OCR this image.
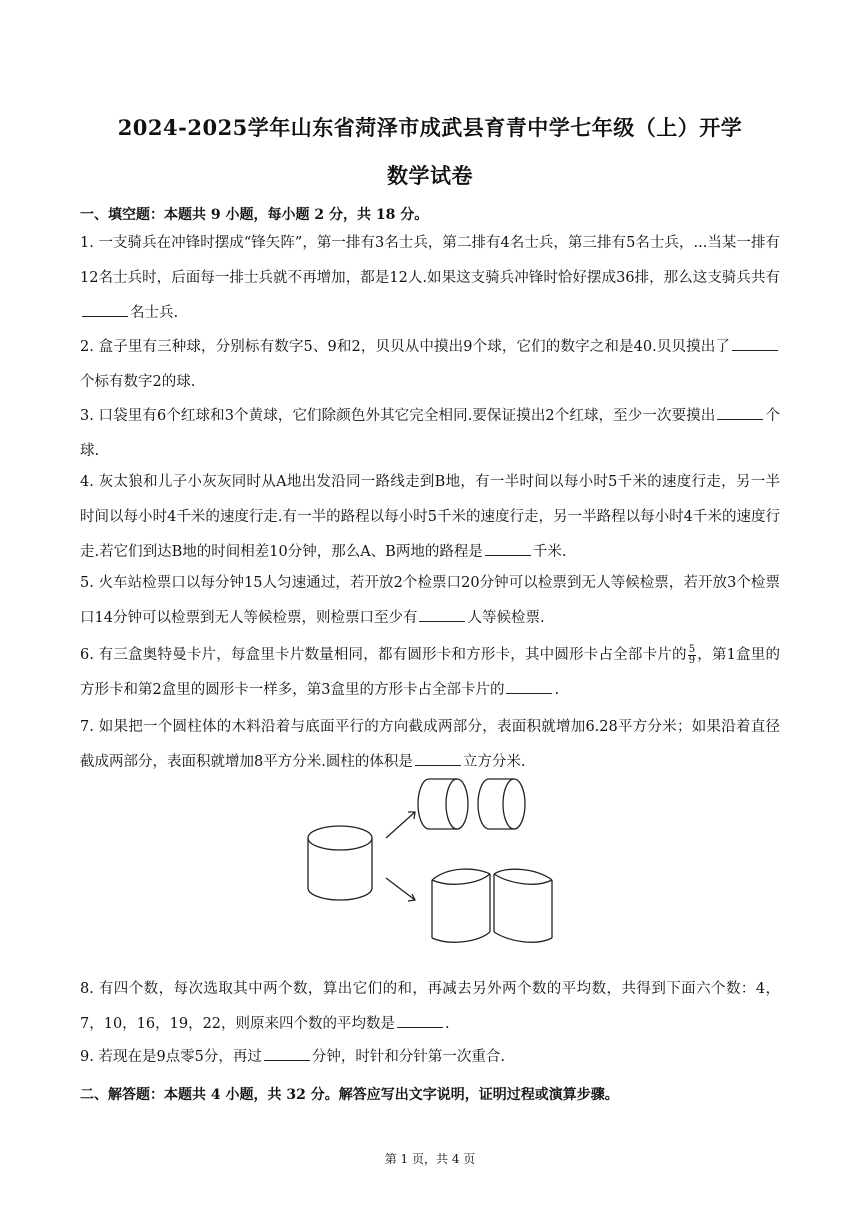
2024-2025学年山东省菏泽市成武县育青中学七年级（上）开学
数学试卷
一、填空题：本题共 9 小题，每小题 2 分，共 18 分。
1. 一支骑兵在冲锋时摆成“锋矢阵”，第一排有3名士兵，第二排有4名士兵，第三排有5名士兵，...当某一排有12名士兵时，后面每一排士兵就不再增加，都是12人.如果这支骑兵冲锋时恰好摆成36排，那么这支骑兵共有名士兵.
2. 盒子里有三种球，分别标有数字5、9和2，贝贝从中摸出9个球，它们的数字之和是40.贝贝摸出了个标有数字2的球.
3. 口袋里有6个红球和3个黄球，它们除颜色外其它完全相同.要保证摸出2个红球，至少一次要摸出	个球.
4. 灰太狼和儿子小灰灰同时从A地出发沿同一路线走到B地，有一半时间以每小时5千米的速度行走，另一半时间以每小时4千米的速度行走.有一半的路程以每小时5千米的速度行走，另一半路程以每小时4千米的速度行走.若它们到达B地的时间相差10分钟，那么A、B两地的路程是	千米.
5. 火车站检票口以每分钟15人匀速通过，若开放2个检票口20分钟可以检票到无人等候检票，若开放3个检票口14分钟可以检票到无人等候检票，则检票口至少有	人等候检票.
6. 有三盒奥特曼卡片，每盒里卡片数量相同，都有圆形卡和方形卡，其中圆形卡占全部卡片的 $\frac{5}{9}$ ，第1盒里的方形卡和第2盒里的圆形卡一样多，第3盒里的方形卡占全部卡片的	.
7. 如果把一个圆柱体的木料沿着与底面平行的方向截成两部分，表面积就增加6.28平方分米；如果沿着直径截成两部分，表面积就增加8平方分米.圆柱的体积是	立方分米.
8. 有四个数，每次选取其中两个数，算出它们的和，再减去另外两个数的平均数，共得到下面六个数：4，7，10，16，19，22，则原来四个数的平均数是	.
9. 若现在是9点零5分，再过	分钟，时针和分针第一次重合.
二、解答题：本题共 4 小题，共 32 分。解答应写出文字说明，证明过程或演算步骤。
第 1 页，共 4 页
